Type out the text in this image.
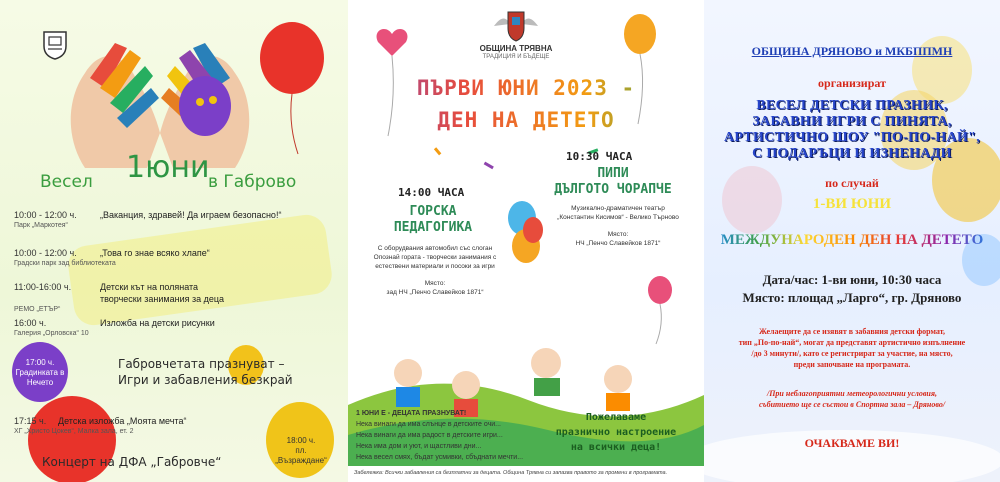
Весел 1юни
в Габрово
10:00 - 12:00 ч.	„Ваканция, здравей! Да играем безопасно!“
Парк „Маркотея“
10:00 - 12:00 ч.	„Това го знае всяко хлапе“
Градски парк зад библиотеката
11:00-16:00 ч.	Детски кът на поляната
творчески занимания за деца
РЕМО „ЕТЪР“
16:00 ч.	Изложба на детски рисунки
Галерия „Орловска“ 10
Габровчетата празнуват –
Игри и забавления безкрай
17:15 ч. Детска изложба „Моята мечта“
ХГ „Христо Цокев“, Малка зала, ет. 2
Концерт на ДФА „Габровче“
17:00 ч.
Градинката в
Нечето
18:00 ч.
пл. „Възраждане“
ОБЩИНА ТРЯВНА
ТРАДИЦИЯ И БЪДЕЩЕ
ПЪРВИ ЮНИ 2023 -
ДЕН НА ДЕТЕТО
10:30 ЧАСА
ПИПИ
ДЪЛГОТО ЧОРАПЧЕ
Музикално-драматичен театър
„Константин Кисимов“ - Велико Търново
Място:
НЧ „Пенчо Славейков 1871“
14:00 ЧАСА
ГОРСКА
ПЕДАГОГИКА
С оборудвания автомобил със слоган
Опознай гората - творчески занимания с
естествени материали и посоки за игри
Място:
зад НЧ „Пенчо Славейков 1871“
1 ЮНИ Е - ДЕЦАТА ПРАЗНУВАТ!
Нека винаги да има слънце в детските очи...
Нека винаги да има радост в детските игри...
Нека има дом и уют, и щастливи дни...
Нека весел смях, бъдат усмивки, сбъднати мечти...
Пожелаваме
празнично настроение
на всички деца!
Забележка: Всички забавления са безплатни за децата. Община Трявна си запазва правото за промени в програмата.
ОБЩИНА ДРЯНОВО и МКБППМН
организират
ВЕСЕЛ ДЕТСКИ ПРАЗНИК,
ЗАБАВНИ ИГРИ С ПИНЯТА,
АРТИСТИЧНО ШОУ "ПО-ПО-НАЙ",
С ПОДАРЪЦИ И ИЗНЕНАДИ
по случай
1-ВИ ЮНИ
МЕЖДУНАРОДЕН ДЕН НА ДЕТЕТО
Дата/час: 1-ви юни, 10:30 часа
Място: площад „Ларго“, гр. Дряново
Желаещите да се изявят в забавния детски формат,
тип „По-по-най“, могат да представят артистично изпълнение
/до 3 минути/, като се регистрират за участие, на място,
преди започване на програмата.
/При неблагоприятни метеорологични условия,
събитието ще се състои в Спортна зала – Дряново/
ОЧАКВАМЕ ВИ!
